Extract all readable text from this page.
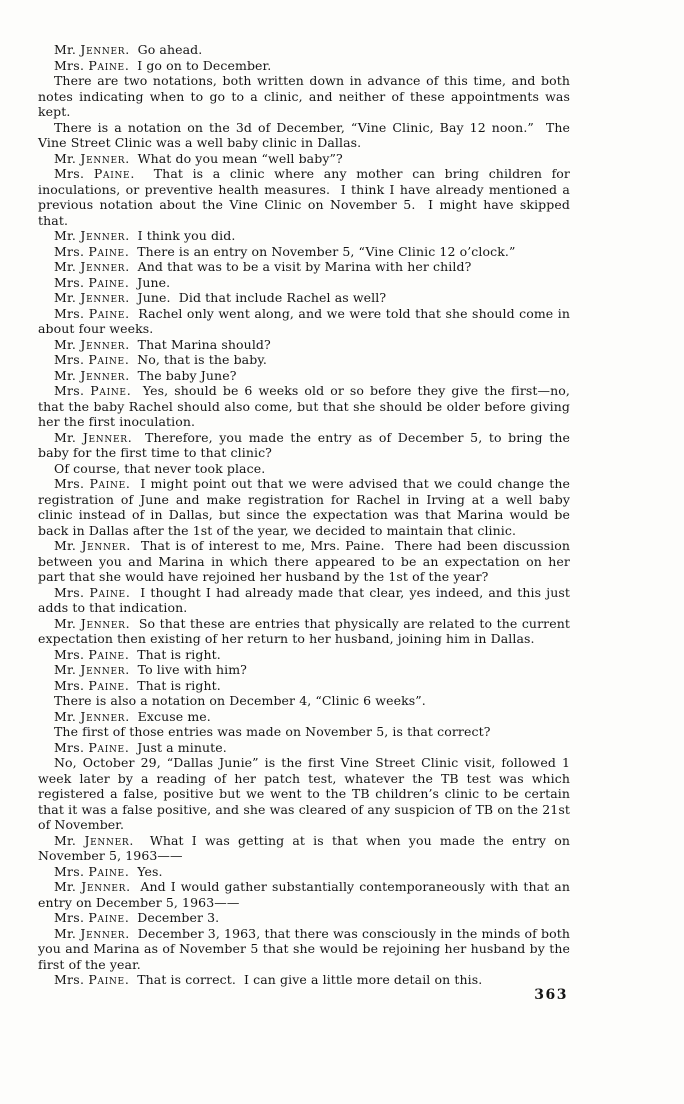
Mr. Jenner. Go ahead.

Mrs. Paine. I go on to December.

There are two notations, both written down in advance of this time, and both notes indicating when to go to a clinic, and neither of these appointments was kept.

There is a notation on the 3d of December, “Vine Clinic, Bay 12 noon.”  The Vine Street Clinic was a well baby clinic in Dallas.

Mr. Jenner. What do you mean “well baby”?

Mrs. Paine. That is a clinic where any mother can bring children for inoculations, or preventive health measures.  I think I have already mentioned a previous notation about the Vine Clinic on November 5.  I might have skipped that.

Mr. Jenner. I think you did.

Mrs. Paine. There is an entry on November 5, “Vine Clinic 12 o’clock.”

Mr. Jenner. And that was to be a visit by Marina with her child?

Mrs. Paine. June.

Mr. Jenner. June.  Did that include Rachel as well?

Mrs. Paine. Rachel only went along, and we were told that she should come in about four weeks.

Mr. Jenner. That Marina should?

Mrs. Paine. No, that is the baby.

Mr. Jenner. The baby June?

Mrs. Paine. Yes, should be 6 weeks old or so before they give the first—no, that the baby Rachel should also come, but that she should be older before giving her the first inoculation.

Mr. Jenner. Therefore, you made the entry as of December 5, to bring the baby for the first time to that clinic?

Of course, that never took place.

Mrs. Paine. I might point out that we were advised that we could change the registration of June and make registration for Rachel in Irving at a well baby clinic instead of in Dallas, but since the expectation was that Marina would be back in Dallas after the 1st of the year, we decided to maintain that clinic.

Mr. Jenner. That is of interest to me, Mrs. Paine.  There had been discussion between you and Marina in which there appeared to be an expectation on her part that she would have rejoined her husband by the 1st of the year?

Mrs. Paine. I thought I had already made that clear, yes indeed, and this just adds to that indication.

Mr. Jenner. So that these are entries that physically are related to the current expectation then existing of her return to her husband, joining him in Dallas.

Mrs. Paine. That is right.

Mr. Jenner. To live with him?

Mrs. Paine. That is right.

There is also a notation on December 4, “Clinic 6 weeks”.

Mr. Jenner. Excuse me.

The first of those entries was made on November 5, is that correct?

Mrs. Paine. Just a minute.

No, October 29, “Dallas Junie” is the first Vine Street Clinic visit, followed 1 week later by a reading of her patch test, whatever the TB test was which registered a false, positive but we went to the TB children’s clinic to be certain that it was a false positive, and she was cleared of any suspicion of TB on the 21st of November.

Mr. Jenner. What I was getting at is that when you made the entry on November 5, 1963——

Mrs. Paine. Yes.

Mr. Jenner. And I would gather substantially contemporaneously with that an entry on December 5, 1963——

Mrs. Paine. December 3.

Mr. Jenner. December 3, 1963, that there was consciously in the minds of both you and Marina as of November 5 that she would be rejoining her husband by the first of the year.

Mrs. Paine. That is correct.  I can give a little more detail on this.

363
